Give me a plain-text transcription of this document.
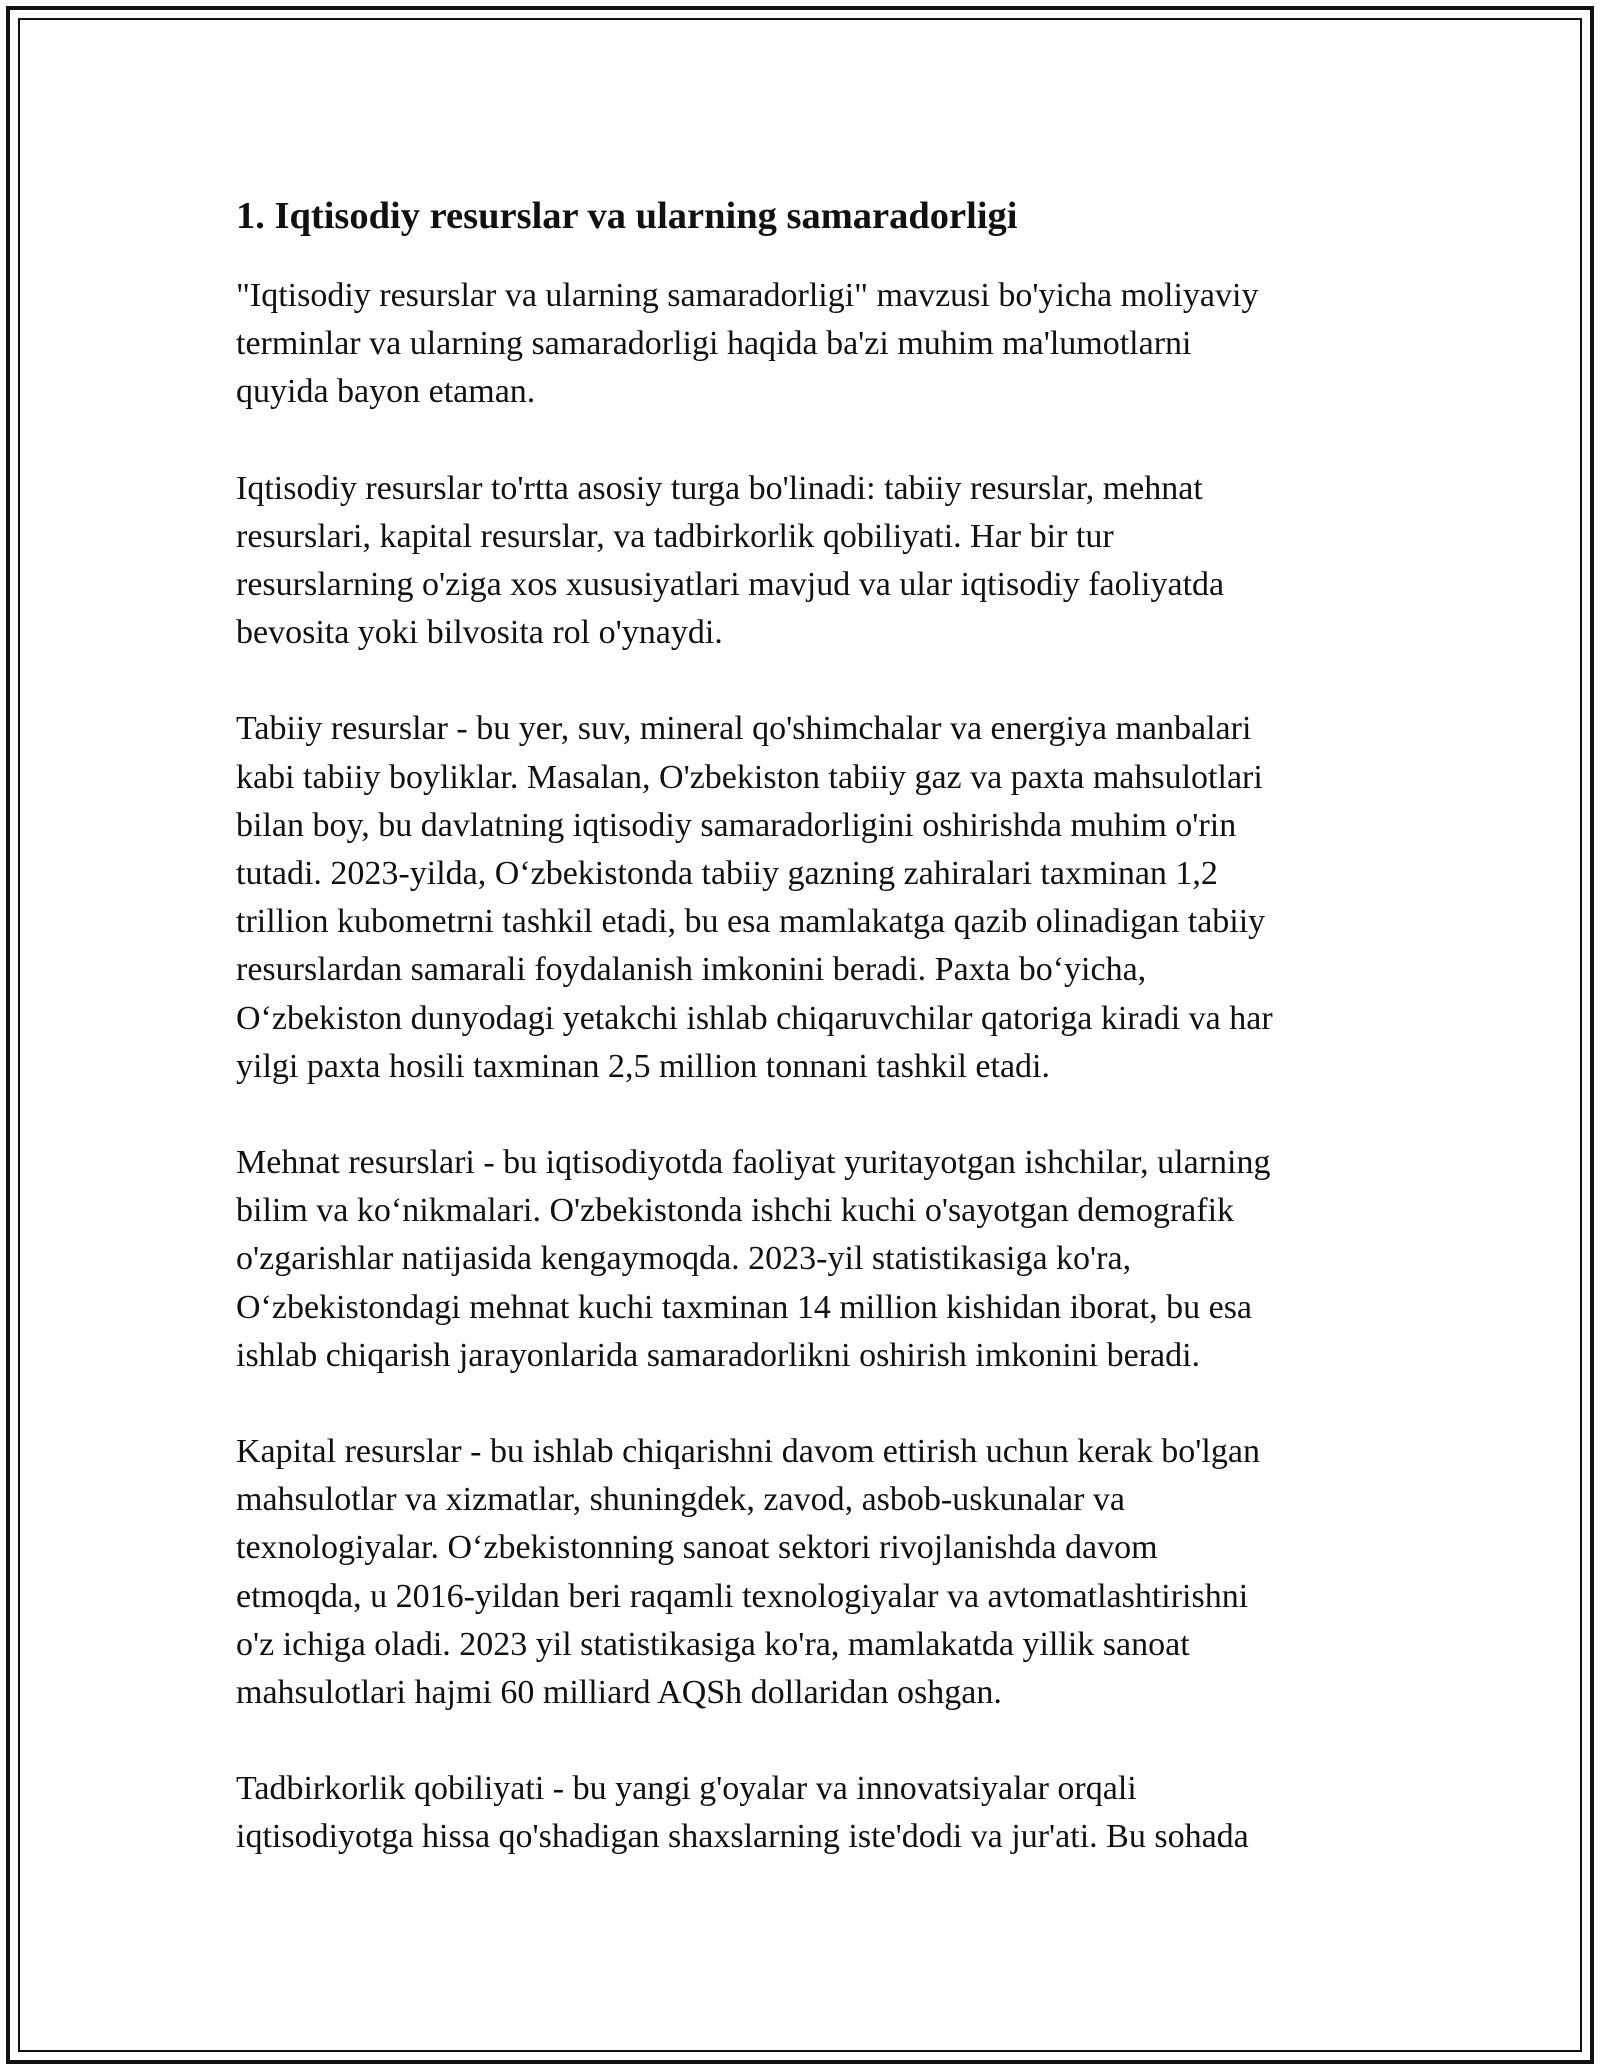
1. Iqtisodiy resurslar va ularning samaradorligi

"Iqtisodiy resurslar va ularning samaradorligi" mavzusi bo'yicha moliyaviy
terminlar va ularning samaradorligi haqida ba'zi muhim ma'lumotlarni
quyida bayon etaman.

Iqtisodiy resurslar to'rtta asosiy turga bo'linadi: tabiiy resurslar, mehnat
resurslari, kapital resurslar, va tadbirkorlik qobiliyati. Har bir tur
resurslarning o'ziga xos xususiyatlari mavjud va ular iqtisodiy faoliyatda
bevosita yoki bilvosita rol o'ynaydi.

Tabiiy resurslar - bu yer, suv, mineral qo'shimchalar va energiya manbalari
kabi tabiiy boyliklar. Masalan, O'zbekiston tabiiy gaz va paxta mahsulotlari
bilan boy, bu davlatning iqtisodiy samaradorligini oshirishda muhim o'rin
tutadi. 2023-yilda, O‘zbekistonda tabiiy gazning zahiralari taxminan 1,2
trillion kubometrni tashkil etadi, bu esa mamlakatga qazib olinadigan tabiiy
resurslardan samarali foydalanish imkonini beradi. Paxta bo‘yicha,
O‘zbekiston dunyodagi yetakchi ishlab chiqaruvchilar qatoriga kiradi va har
yilgi paxta hosili taxminan 2,5 million tonnani tashkil etadi.

Mehnat resurslari - bu iqtisodiyotda faoliyat yuritayotgan ishchilar, ularning
bilim va ko‘nikmalari. O'zbekistonda ishchi kuchi o'sayotgan demografik
o'zgarishlar natijasida kengaymoqda. 2023-yil statistikasiga ko'ra,
O‘zbekistondagi mehnat kuchi taxminan 14 million kishidan iborat, bu esa
ishlab chiqarish jarayonlarida samaradorlikni oshirish imkonini beradi.

Kapital resurslar - bu ishlab chiqarishni davom ettirish uchun kerak bo'lgan
mahsulotlar va xizmatlar, shuningdek, zavod, asbob-uskunalar va
texnologiyalar. O‘zbekistonning sanoat sektori rivojlanishda davom
etmoqda, u 2016-yildan beri raqamli texnologiyalar va avtomatlashtirishni
o'z ichiga oladi. 2023 yil statistikasiga ko'ra, mamlakatda yillik sanoat
mahsulotlari hajmi 60 milliard AQSh dollaridan oshgan.

Tadbirkorlik qobiliyati - bu yangi g'oyalar va innovatsiyalar orqali
iqtisodiyotga hissa qo'shadigan shaxslarning iste'dodi va jur'ati. Bu sohada
